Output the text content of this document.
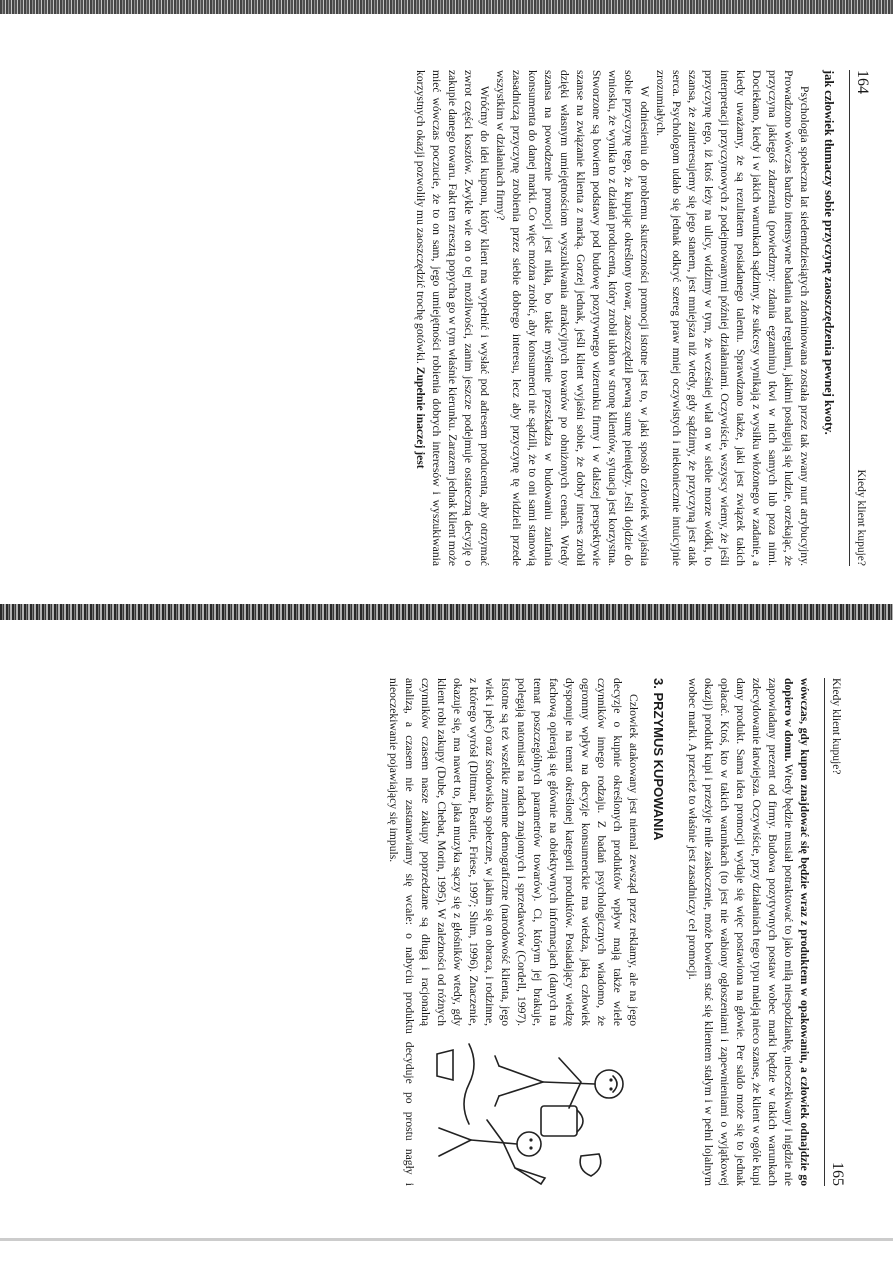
164
Kiedy klient kupuje?

jak człowiek tłumaczy sobie przyczynę zaoszczędzenia pewnej kwoty.

Psychologia społeczna lat siedemdziesiątych zdominowana została przez tak zwany nurt atrybucyjny. Prowadzono wówczas bardzo intensywne badania nad regułami, jakimi posługują się ludzie, orzekając, że przyczyna jakiegoś zdarzenia (powiedzmy: zdania egzaminu) tkwi w nich samych lub poza nimi. Dociekano, kiedy i w jakich warunkach sądzimy, że sukcesy wynikają z wysiłku włożonego w zadanie, a kiedy uważamy, że są rezultatem posiadanego talentu. Sprawdzano także, jaki jest związek takich interpretacji przyczynowych z podejmowanymi później działaniami. Oczywiście, wszyscy wiemy, że jeśli przyczynę tego, iż ktoś leży na ulicy, widzimy w tym, że wcześniej wlał on w siebie morze wódki, to szansa, że zainteresujemy się jego stanem, jest mniejsza niż wtedy, gdy sądzimy, że przyczyną jest atak serca. Psychologom udało się jednak odkryć szereg praw mniej oczywistych i niekoniecznie intuicyjnie zrozumiałych.

W odniesieniu do problemu skuteczności promocji istotne jest to, w jaki sposób człowiek wyjaśnia sobie przyczynę tego, że kupując określony towar, zaoszczędził pewną sumę pieniędzy. Jeśli dojdzie do wniosku, że wynika to z działań producenta, który zrobił ukłon w stronę klientów, sytuacja jest korzystna. Stworzone są bowiem podstawy pod budowę pozytywnego wizerunku firmy i w dalszej perspektywie szanse na związanie klienta z marką. Gorzej jednak, jeśli klient wyjaśni sobie, że dobry interes zrobił dzięki własnym umiejętnościom wyszukiwania atrakcyjnych towarów po obniżonych cenach. Wtedy szansa na powodzenie promocji jest nikła, bo takie myślenie przeszkadza w budowaniu zaufania konsumenta do danej marki. Co więc można zrobić, aby konsumenci nie sądzili, że to oni sami stanowią zasadniczą przyczynę zrobienia przez siebie dobrego interesu, lecz aby przyczynę tę widzieli przede wszystkim w działaniach firmy?

Wróćmy do idei kuponu, który klient ma wypełnić i wysłać pod adresem producenta, aby otrzymać zwrot części kosztów. Zwykle wie on o tej możliwości, zanim jeszcze podejmuje ostateczną decyzję o zakupie danego towaru. Fakt ten zresztą popycha go w tym właśnie kierunku. Zarazem jednak klient może mieć wówczas poczucie, że to on sam, jego umiejętności robienia dobrych interesów i wyszukiwania korzystnych okazji pozwoliły mu zaoszczędzić trochę gotówki. Zupełnie inaczej jest

Kiedy klient kupuje?
165

wówczas, gdy kupon znajdować się będzie wraz z produktem w opakowaniu, a człowiek odnajdzie go dopiero w domu. Wtedy będzie musiał potraktować to jako miłą niespodziankę, nieoczekiwany i nigdzie nie zapowiadany prezent od firmy. Budowa pozytywnych postaw wobec marki będzie w takich warunkach zdecydowanie łatwiejsza. Oczywiście, przy działaniach tego typu maleją nieco szanse, że klient w ogóle kupi dany produkt. Sama idea promocji wydaje się więc postawiona na głowie. Per saldo może się to jednak opłacać. Ktoś, kto w takich warunkach (to jest nie wabiony ogłoszeniami i zapewnieniami o wyjątkowej okazji) produkt kupi i przeżyje miłe zaskoczenie, może bowiem stać się klientem stałym i w pełni lojalnym wobec marki. A przecież to właśnie jest zasadniczy cel promocji.

3. PRZYMUS KUPOWANIA

Człowiek atakowany jest niemal zewsząd przez reklamy, ale na jego decyzje o kupnie określonych produktów wpływ mają także wiele czynników innego rodzaju. Z badań psychologicznych wiadomo, że ogromny wpływ na decyzje konsumenckie ma wiedza, jaką człowiek dysponuje na temat określonej kategorii produktów. Posiadający wiedzę fachową opierają się głównie na obiektywnych informacjach (danych na temat poszczególnych parametrów towarów). Ci, którym jej brakuje, polegają natomiast na radach znajomych i sprzedawców (Cordell, 1997). Istotne są też wszelkie zmienne demograficzne (narodowość klienta, jego wiek i płeć) oraz środowisko społeczne, w jakim się on obraca, i rodzinne, z którego wyrósł (Dittmar, Beattie, Friese, 1997; Shim, 1996). Znaczenie, okazuje się, ma nawet to, jaka muzyka sączy się z głośników wtedy, gdy klient robi zakupy (Dube, Chebat, Morin, 1995). W zależności od różnych czynników czasem nasze zakupy poprzedzane są długą i racjonalną analizą, a czasem nie zastanawiamy się wcale: o nabyciu produktu decyduje po prostu nagły i nieoczekiwanie pojawiający się impuls.
